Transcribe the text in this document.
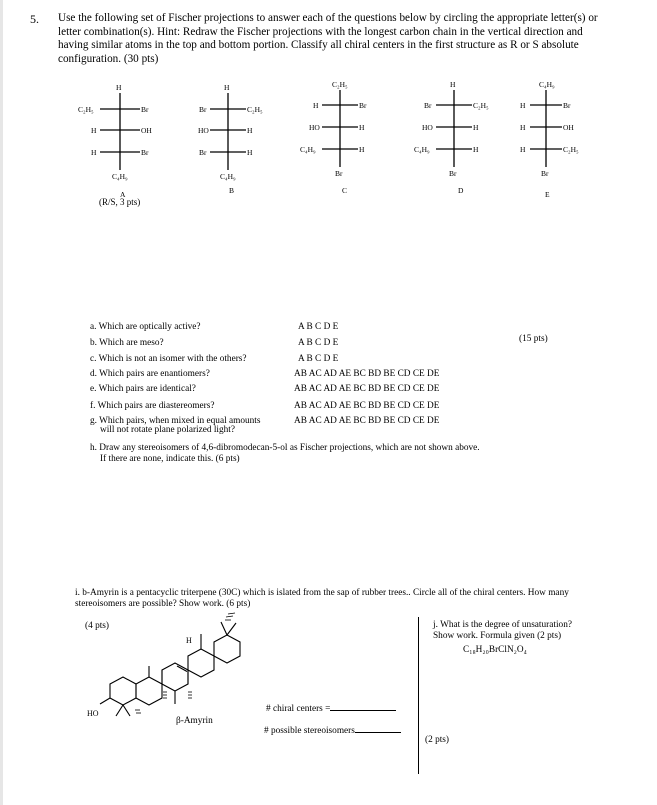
5. Use the following set of Fischer projections to answer each of the questions below by circling the appropriate letter(s) or letter combination(s). Hint: Redraw the Fischer projections with the longest carbon chain in the vertical direction and having similar atoms in the top and bottom portion. Classify all chiral centers in the first structure as R or S absolute configuration. (30 pts)
H
C₂H₅	Br
H	OH
H	Br
C₄H₉
A
(R/S, 3 pts)
H
Br	C₂H₅
HO	H
Br	H
C₄H₉
B
C₂H₅
H	Br
HO	H
C₄H₉	H
Br
C
H
Br	C₂H₅
HO	H
C₄H₉	H
Br
D
C₄H₉
H	Br
H	OH
H	C₂H₅
Br
E
a. Which are optically active?	A B C D E
b. Which are meso?	A B C D E	(15 pts)
c. Which is not an isomer with the others?	A B C D E
d. Which pairs are enantiomers?	AB AC AD AE BC BD BE CD CE DE
e. Which pairs are identical?	AB AC AD AE BC BD BE CD CE DE
f. Which pairs are diastereomers?	AB AC AD AE BC BD BE CD CE DE
g. Which pairs, when mixed in equal amounts
will not rotate plane polarized light?
AB AC AD AE BC BD BE CD CE DE
h. Draw any stereoisomers of 4,6-dibromodecan-5-ol as Fischer projections, which are not shown above.
If there are none, indicate this. (6 pts)
i. b-Amyrin is a pentacyclic triterpene (30C) which is islated from the sap of rubber trees.. Circle all of the chiral centers. How many stereoisomers are possible? Show work. (6 pts)
(4 pts)
H
HO
β-Amyrin
# chiral centers =
# possible stereoisomers
j. What is the degree of unsaturation?
Show work. Formula given (2 pts)
C₁₈H₂₀BrClN₂O₄
(2 pts)
